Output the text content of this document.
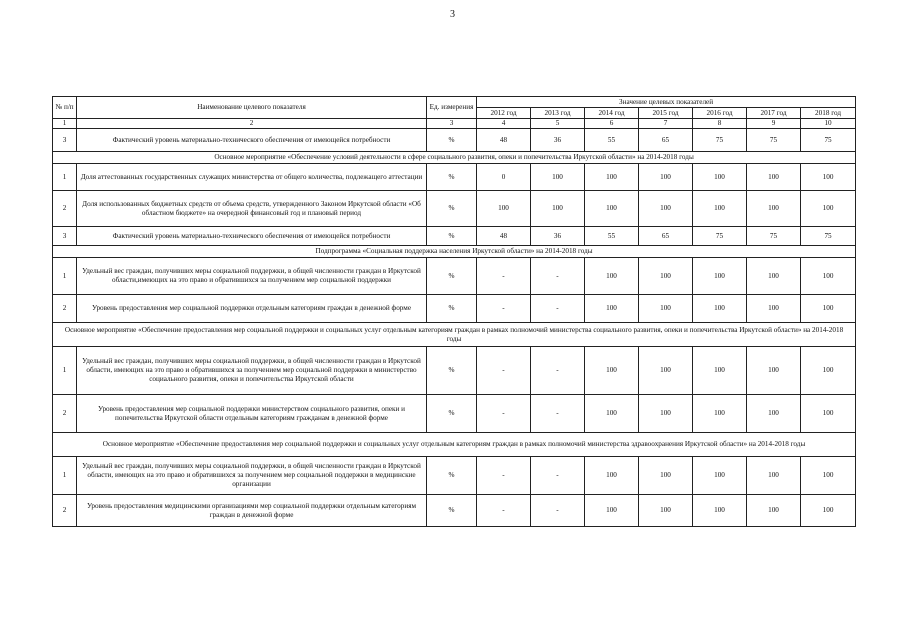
3
№ п/п	Наименование целевого показателя	Ед. измерения	Значение целевых показателей						
			2012 год	2013 год	2014 год	2015 год	2016 год	2017 год	2018 год
1	2	3	4	5	6	7	8	9	10
3	Фактический уровень материально-технического обеспечения от имеющейся потребности	%	48	36	55	65	75	75	75
Основное мероприятие «Обеспечение условий деятельности в сфере социального развития, опеки и попечительства Иркутской области» на 2014-2018 годы									
1	Доля аттестованных государственных служащих министерства от общего количества, подлежащего аттестации	%	0	100	100	100	100	100	100
2	Доля использованных бюджетных средств от объема средств, утвержденного Законом Иркутской области «Об областном бюджете» на очередной финансовый год и плановый период	%	100	100	100	100	100	100	100
3	Фактический уровень материально-технического обеспечения от имеющейся потребности	%	48	36	55	65	75	75	75
Подпрограмма «Социальная поддержка населения Иркутской области» на 2014-2018 годы									
1	Удельный вес граждан, получивших меры социальной поддержки, в общей численности граждан в Иркутской области,имеющих на это право и обратившихся за получением мер социальной поддержки	%	-	-	100	100	100	100	100
2	Уровень предоставления мер социальной поддержки отдельным категориям граждан в денежной форме	%	-	-	100	100	100	100	100
Основное мероприятие «Обеспечение предоставления мер социальной поддержки и социальных услуг отдельным категориям граждан в рамках полномочий министерства социального развития, опеки и попечительства Иркутской области» на 2014-2018 годы									
1	Удельный вес граждан, получивших меры социальной поддержки, в общей численности граждан в Иркутской области, имеющих на это право и обратившихся за получением мер социальной поддержки в министерство социального развития, опеки и попечительства Иркутской области	%	-	-	100	100	100	100	100
2	Уровень предоставления мер социальной поддержки министерством социального развития, опеки и попечительства Иркутской области отдельным категориям гражданам в денежной форме	%	-	-	100	100	100	100	100
Основное мероприятие «Обеспечение предоставления мер социальной поддержки и социальных услуг отдельным категориям граждан в рамках полномочий министерства здравоохранения Иркутской области» на 2014-2018 годы									
1	Удельный вес граждан, получивших меры социальной поддержки, в общей численности граждан в Иркутской области, имеющих на это право и обратившихся за получением мер социальной поддержки в медицинские организации	%	-	-	100	100	100	100	100
2	Уровень предоставления медицинскими организациями мер социальной поддержки отдельным категориям граждан в денежной форме	%	-	-	100	100	100	100	100
